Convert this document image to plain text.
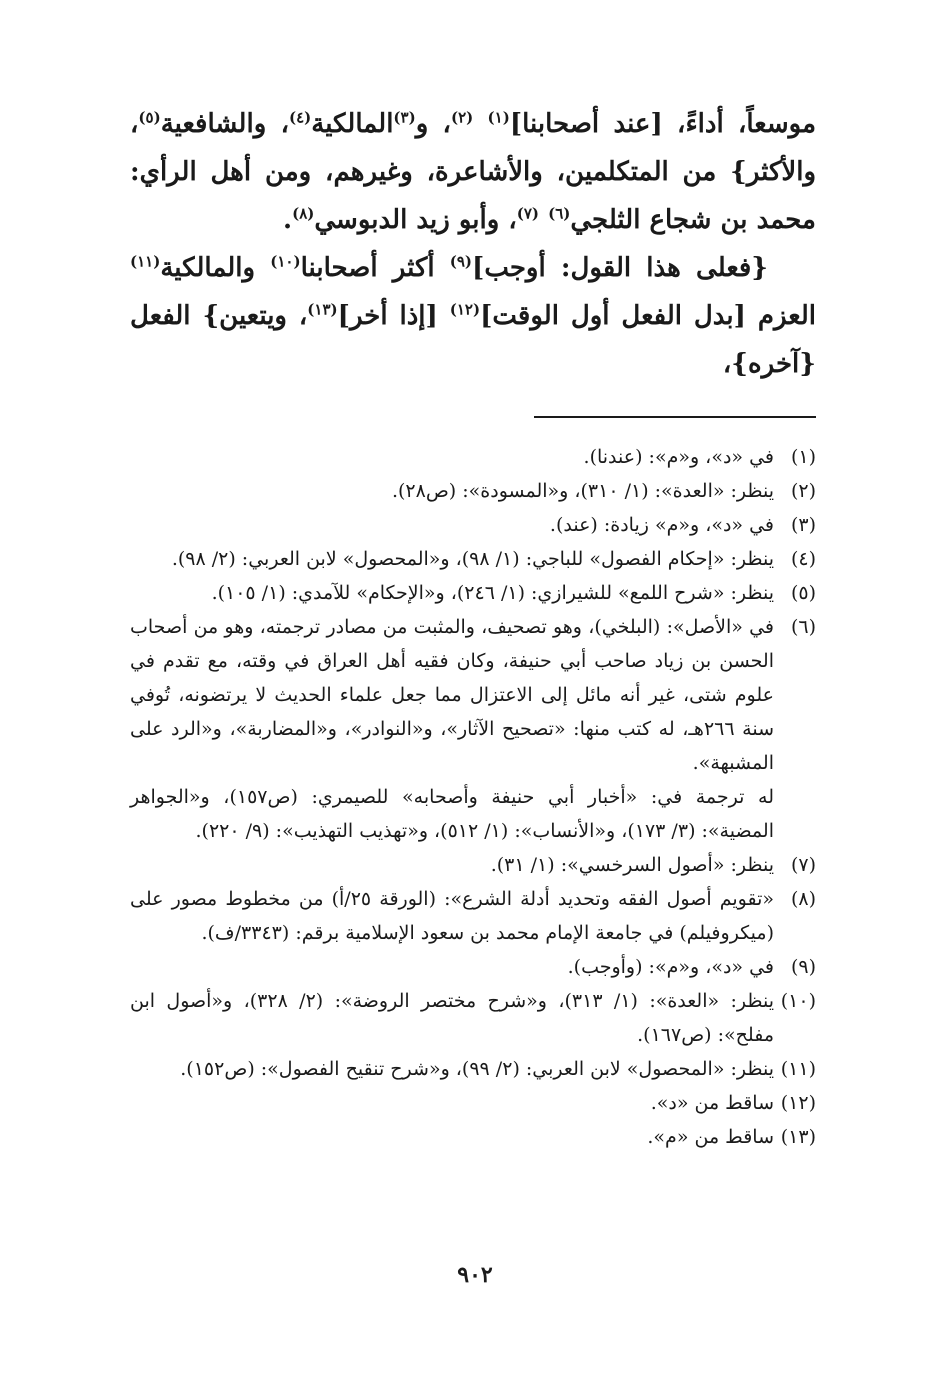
موسعاً، أداءً، [عند أصحابنا]$^{(١)}$ $^{(٢)}$، و$^{(٣)}$المالكية$^{(٤)}$، والشافعية$^{(٥)}$، والأكثر} من المتكلمين، والأشاعرة، وغيرهم، ومن أهل الرأي: محمد بن شجاع الثلجي$^{(٦)}$ $^{(٧)}$، وأبو زيد الدبوسي$^{(٨)}$.

{فعلى هذا القول: أوجب]$^{(٩)}$ أكثر أصحابنا$^{(١٠)}$ والمالكية$^{(١١)}$ العزم [بدل الفعل أول الوقت]$^{(١٢)}$ [إذا أخر]$^{(١٣)}$، ويتعين} الفعل {آخره}،

(١)
في «د»، و«م»: (عندنا).
(٢)
ينظر: «العدة»: (١/ ٣١٠)، و«المسودة»: (ص٢٨).
(٣)
في «د»، و«م» زيادة: (عند).
(٤)
ينظر: «إحكام الفصول» للباجي: (١/ ٩٨)، و«المحصول» لابن العربي: (٢/ ٩٨).
(٥)
ينظر: «شرح اللمع» للشيرازي: (١/ ٢٤٦)، و«الإحكام» للآمدي: (١/ ١٠٥).
(٦)
في «الأصل»: (البلخي)، وهو تصحيف، والمثبت من مصادر ترجمته، وهو من أصحاب الحسن بن زياد صاحب أبي حنيفة، وكان فقيه أهل العراق في وقته، مع تقدم في علوم شتى، غير أنه مائل إلى الاعتزال مما جعل علماء الحديث لا يرتضونه، تُوفي سنة ٢٦٦هـ، له كتب منها: «تصحيح الآثار»، و«النوادر»، و«المضاربة»، و«الرد على المشبهة».
له ترجمة في: «أخبار أبي حنيفة وأصحابه» للصيمري: (ص١٥٧)، و«الجواهر المضية»: (٣/ ١٧٣)، و«الأنساب»: (١/ ٥١٢)، و«تهذيب التهذيب»: (٩/ ٢٢٠).
(٧)
ينظر: «أصول السرخسي»: (١/ ٣١).
(٨)
«تقويم أصول الفقه وتحديد أدلة الشرع»: (الورقة ٢٥/أ) من مخطوط مصور على (ميكروفيلم) في جامعة الإمام محمد بن سعود الإسلامية برقم: (٣٣٤٣/ف).
(٩)
في «د»، و«م»: (وأوجب).
(١٠)
ينظر: «العدة»: (١/ ٣١٣)، و«شرح مختصر الروضة»: (٢/ ٣٢٨)، و«أصول ابن مفلح»: (ص١٦٧).
(١١)
ينظر: «المحصول» لابن العربي: (٢/ ٩٩)، و«شرح تنقيح الفصول»: (ص١٥٢).
(١٢)
ساقط من «د».
(١٣)
ساقط من «م».
٩٠٢
